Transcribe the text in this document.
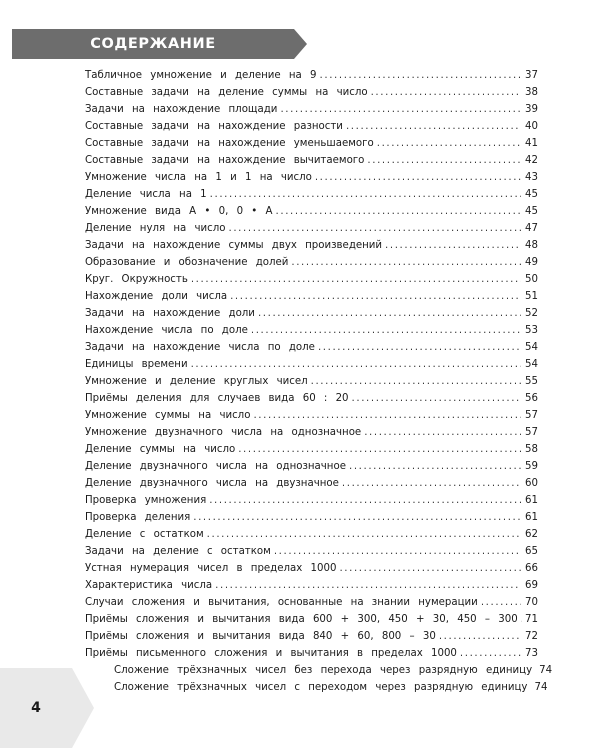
СОДЕРЖАНИЕ
Табличное умножение и деление на 9 .....	37
Составные задачи на деление суммы на число .....	38
Задачи на нахождение площади .....	39
Составные задачи на нахождение разности .....	40
Составные задачи на нахождение уменьшаемого .....	41
Составные задачи на нахождение вычитаемого .....	42
Умножение числа на 1 и 1 на число .....	43
Деление числа на 1 .....	45
Умножение вида А • 0, 0 • А .....	45
Деление нуля на число .....	47
Задачи на нахождение суммы двух произведений .....	48
Образование и обозначение долей .....	49
Круг. Окружность .....	50
Нахождение доли числа .....	51
Задачи на нахождение доли .....	52
Нахождение числа по доле .....	53
Задачи на нахождение числа по доле .....	54
Единицы времени .....	54
Умножение и деление круглых чисел .....	55
Приёмы деления для случаев вида 60 : 20 .....	56
Умножение суммы на число .....	57
Умножение двузначного числа на однозначное .....	57
Деление суммы на число .....	58
Деление двузначного числа на однозначное .....	59
Деление двузначного числа на двузначное .....	60
Проверка умножения .....	61
Проверка деления .....	61
Деление с остатком .....	62
Задачи на деление с остатком .....	65
Устная нумерация чисел в пределах 1000 .....	66
Характеристика числа .....	69
Случаи сложения и вычитания, основанные на знании нумерации .....	70
Приёмы сложения и вычитания вида 600 + 300, 450 + 30, 450 – 300 ..... 71
Приёмы сложения и вычитания вида 840 + 60, 800 – 30 .....	72
Приёмы письменного сложения и вычитания в пределах 1000 .....	73
Сложение трёхзначных чисел без перехода через разрядную единицу 74
Сложение трёхзначных чисел с переходом через разрядную единицу 74
4
